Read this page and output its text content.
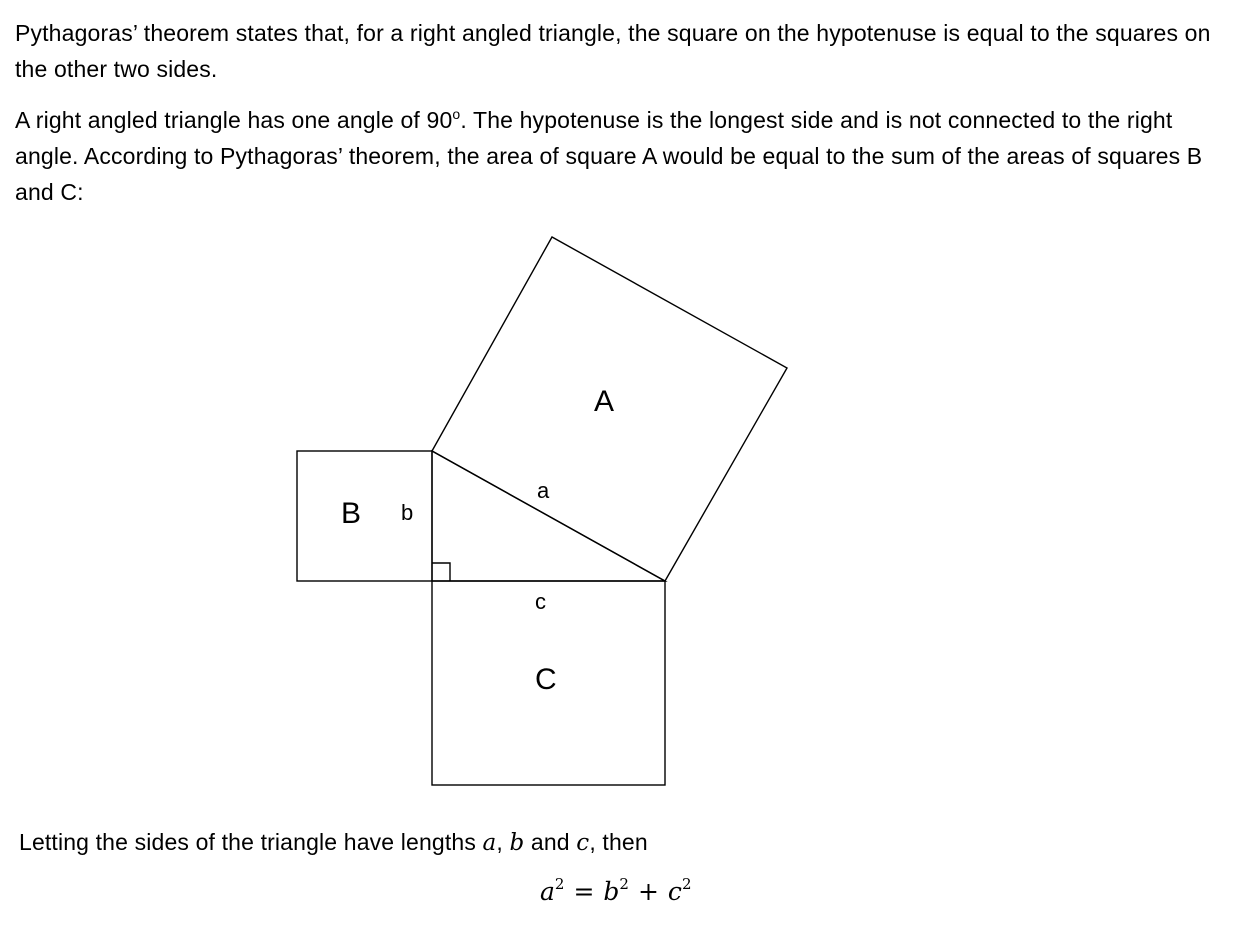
Pythagoras’ theorem states that, for a right angled triangle, the square on the hypotenuse is equal to the squares on the other two sides.

A right angled triangle has one angle of 90$^o$. The hypotenuse is the longest side and is not connected to the right angle. According to Pythagoras’ theorem, the area of square A would be equal to the sum of the areas of squares B and C:

A
B
C
a
b
c

Letting the sides of the triangle have lengths a, b and c, then

$a^2 = b^2 + c^2$
